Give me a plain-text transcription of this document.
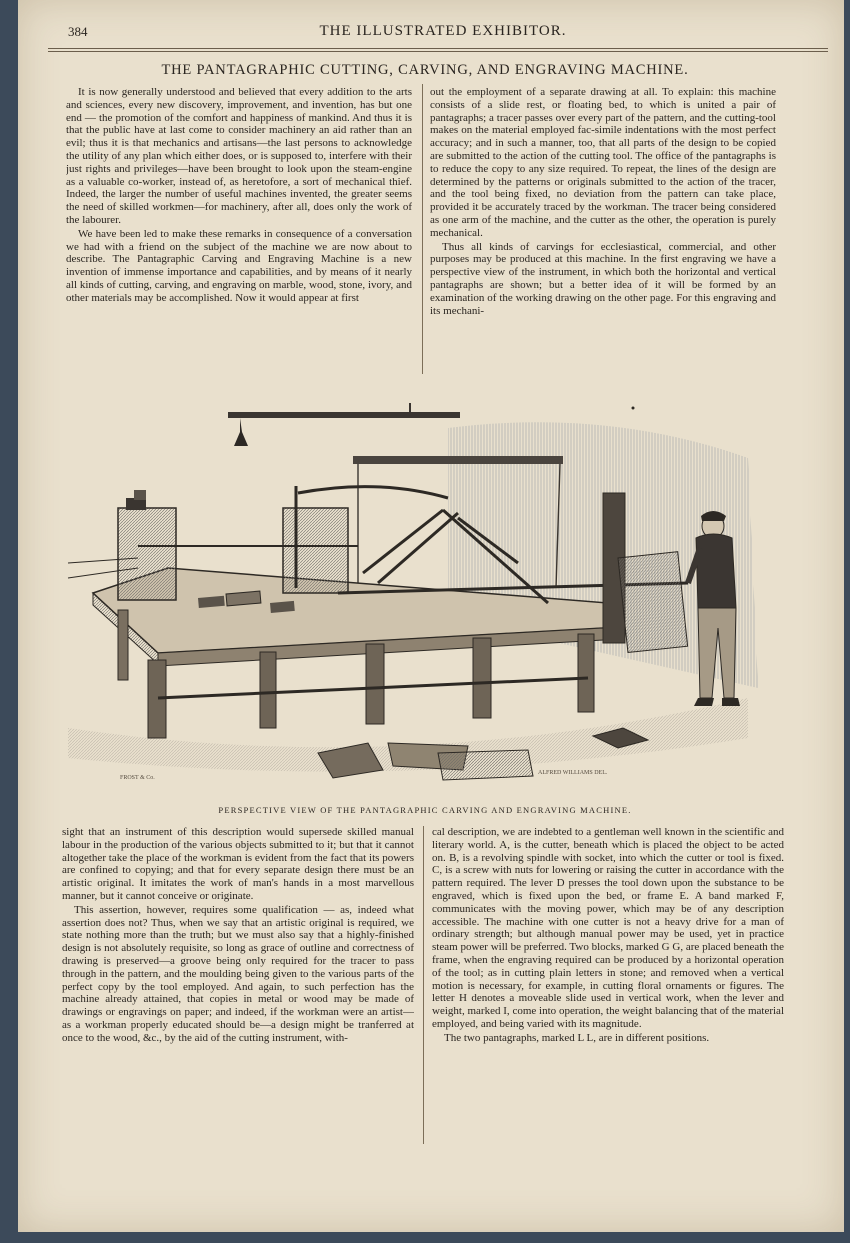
384	THE ILLUSTRATED EXHIBITOR.
THE PANTAGRAPHIC CUTTING, CARVING, AND ENGRAVING MACHINE.

It is now generally understood and believed that every addition to the arts and sciences, every new discovery, improvement, and invention, has but one end — the promotion of the comfort and happiness of mankind. And thus it is that the public have at last come to consider machinery an aid rather than an evil; thus it is that mechanics and artisans—the last persons to acknowledge the utility of any plan which either does, or is supposed to, interfere with their just rights and privileges—have been brought to look upon the steam-engine as a valuable co-worker, instead of, as heretofore, a sort of mechanical thief. Indeed, the larger the number of useful machines invented, the greater seems the need of skilled workmen—for machinery, after all, does only the work of the labourer.

We have been led to make these remarks in consequence of a conversation we had with a friend on the subject of the machine we are now about to describe. The Pantagraphic Carving and Engraving Machine is a new invention of immense importance and capabilities, and by means of it nearly all kinds of cutting, carving, and engraving on marble, wood, stone, ivory, and other materials may be accomplished. Now it would appear at first

out the employment of a separate drawing at all. To explain: this machine consists of a slide rest, or floating bed, to which is united a pair of pantagraphs; a tracer passes over every part of the pattern, and the cutting-tool makes on the material employed fac-simile indentations with the most perfect accuracy; and in such a manner, too, that all parts of the design to be copied are submitted to the action of the cutting tool. The office of the pantagraphs is to reduce the copy to any size required. To repeat, the lines of the design are determined by the patterns or originals submitted to the action of the tracer, and the tool being fixed, no deviation from the pattern can take place, provided it be accurately traced by the workman. The tracer being considered as one arm of the machine, and the cutter as the other, the operation is purely mechanical.

Thus all kinds of carvings for ecclesiastical, commercial, and other purposes may be produced at this machine. In the first engraving we have a perspective view of the instrument, in which both the horizontal and vertical pantagraphs are shown; but a better idea of it will be formed by an examination of the working drawing on the other page. For this engraving and its mechani-

FROST & Co.
ALFRED WILLIAMS DEL.
PERSPECTIVE VIEW OF THE PANTAGRAPHIC CARVING AND ENGRAVING MACHINE.

sight that an instrument of this description would supersede skilled manual labour in the production of the various objects submitted to it; but that it cannot altogether take the place of the workman is evident from the fact that its powers are confined to copying; and that for every separate design there must be an artistic original. It imitates the work of man's hands in a most marvellous manner, but it cannot conceive or originate.

This assertion, however, requires some qualification — as, indeed what assertion does not? Thus, when we say that an artistic original is required, we state nothing more than the truth; but we must also say that a highly-finished design is not absolutely requisite, so long as grace of outline and correctness of drawing is preserved—a groove being only required for the tracer to pass through in the pattern, and the moulding being given to the various parts of the perfect copy by the tool employed. And again, to such perfection has the machine already attained, that copies in metal or wood may be made of drawings or engravings on paper; and indeed, if the workman were an artist—as a workman properly educated should be—a design might be tranferred at once to the wood, &c., by the aid of the cutting instrument, with-

cal description, we are indebted to a gentleman well known in the scientific and literary world. A, is the cutter, beneath which is placed the object to be acted on. B, is a revolving spindle with socket, into which the cutter or tool is fixed. C, is a screw with nuts for lowering or raising the cutter in accordance with the pattern required. The lever D presses the tool down upon the substance to be engraved, which is fixed upon the bed, or frame E. A band marked F, communicates with the moving power, which may be of any description accessible. The machine with one cutter is not a heavy drive for a man of ordinary strength; but although manual power may be used, yet in practice steam power will be preferred. Two blocks, marked G G, are placed beneath the frame, when the engraving required can be produced by a horizontal operation of the tool; as in cutting plain letters in stone; and removed when a vertical motion is necessary, for example, in cutting floral ornaments or figures. The letter H denotes a moveable slide used in vertical work, when the lever and weight, marked I, come into operation, the weight balancing that of the material employed, and being varied with its magnitude.

The two pantagraphs, marked L L, are in different positions.
